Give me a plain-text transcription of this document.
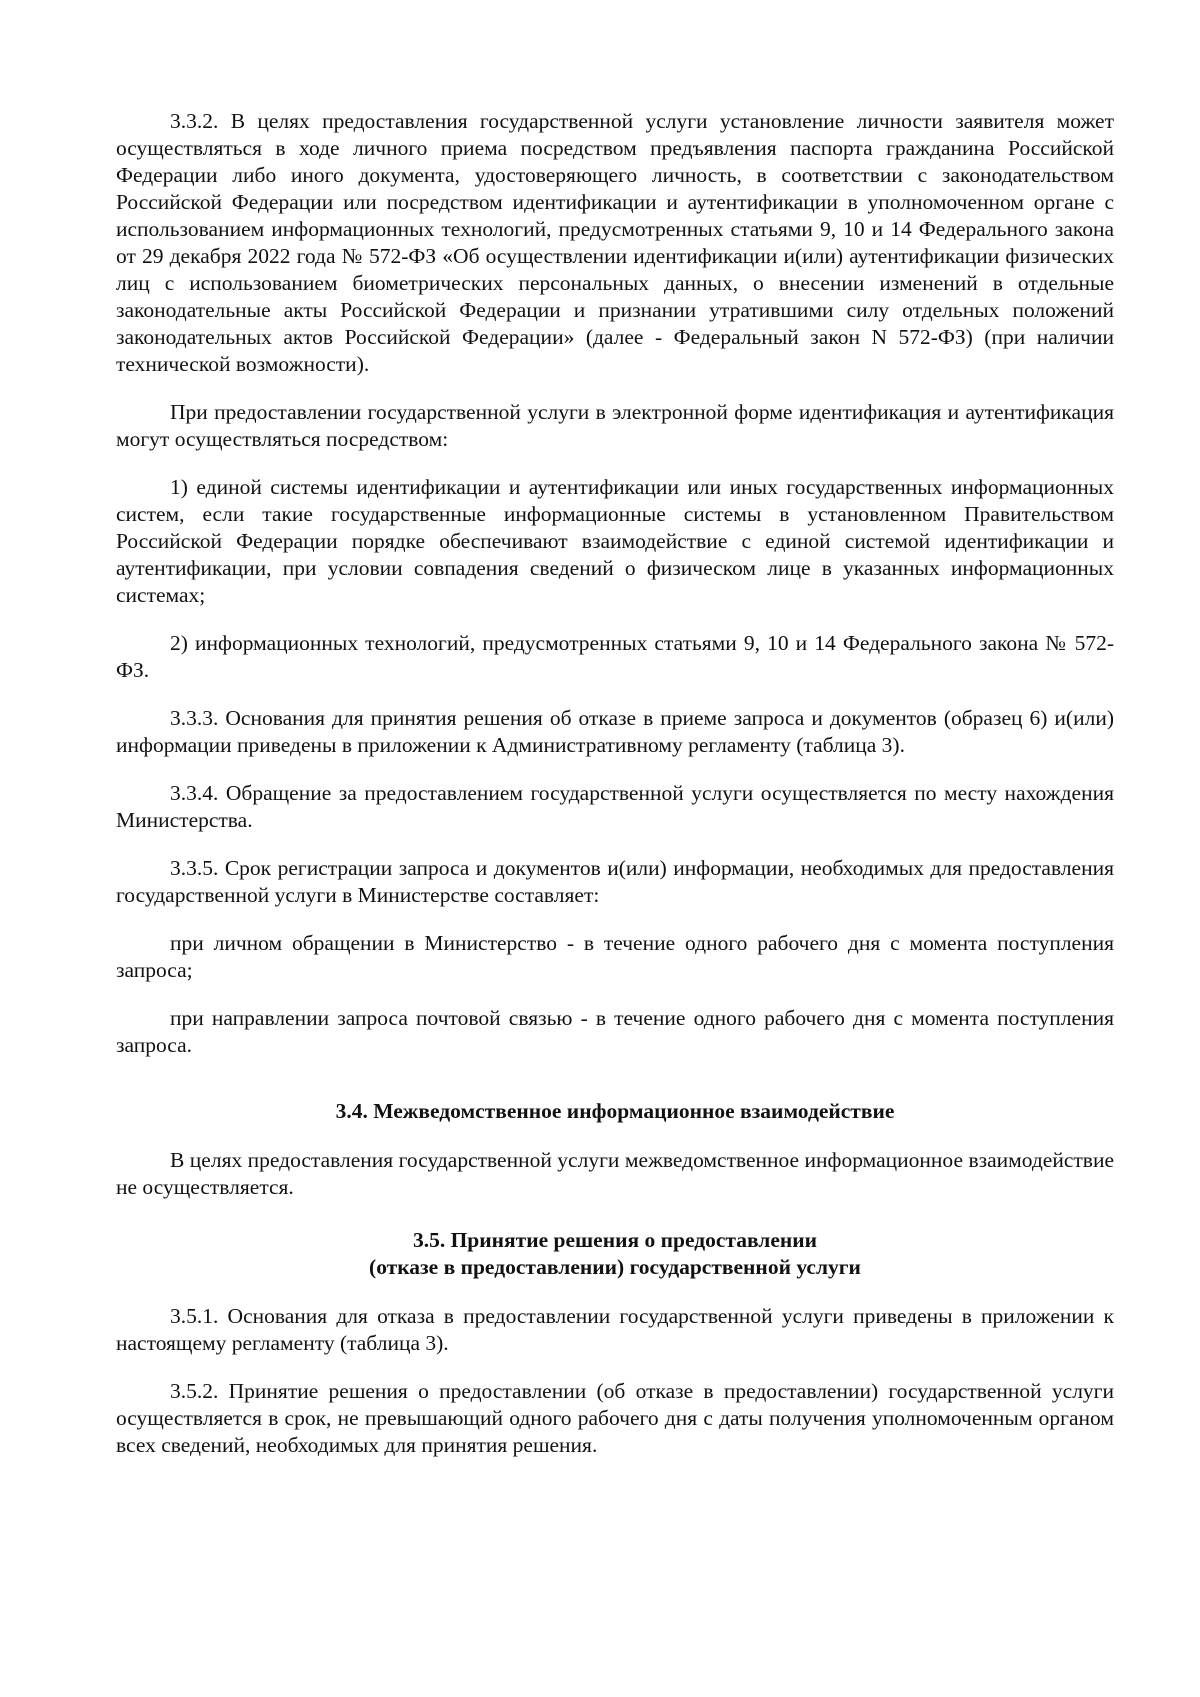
3.3.2. В целях предоставления государственной услуги установление личности заявителя может осуществляться в ходе личного приема посредством предъявления паспорта гражданина Российской Федерации либо иного документа, удостоверяющего личность, в соответствии с законодательством Российской Федерации или посредством идентификации и аутентификации в уполномоченном органе с использованием информационных технологий, предусмотренных статьями 9, 10 и 14 Федерального закона от 29 декабря 2022 года № 572-ФЗ «Об осуществлении идентификации и(или) аутентификации физических лиц с использованием биометрических персональных данных, о внесении изменений в отдельные законодательные акты Российской Федерации и признании утратившими силу отдельных положений законодательных актов Российской Федерации» (далее - Федеральный закон N 572-ФЗ) (при наличии технической возможности).

При предоставлении государственной услуги в электронной форме идентификация и аутентификация могут осуществляться посредством:

1) единой системы идентификации и аутентификации или иных государственных информационных систем, если такие государственные информационные системы в установленном Правительством Российской Федерации порядке обеспечивают взаимодействие с единой системой идентификации и аутентификации, при условии совпадения сведений о физическом лице в указанных информационных системах;

2) информационных технологий, предусмотренных статьями 9, 10 и 14 Федерального закона № 572-ФЗ.

3.3.3. Основания для принятия решения об отказе в приеме запроса и документов (образец 6) и(или) информации приведены в приложении к Административному регламенту (таблица 3).

3.3.4. Обращение за предоставлением государственной услуги осуществляется по месту нахождения Министерства.

3.3.5. Срок регистрации запроса и документов и(или) информации, необходимых для предоставления государственной услуги в Министерстве составляет:

при личном обращении в Министерство - в течение одного рабочего дня с момента поступления запроса;

при направлении запроса почтовой связью - в течение одного рабочего дня с момента поступления запроса.

3.4. Межведомственное информационное взаимодействие

В целях предоставления государственной услуги межведомственное информационное взаимодействие не осуществляется.

3.5. Принятие решения о предоставлении
(отказе в предоставлении) государственной услуги

3.5.1. Основания для отказа в предоставлении государственной услуги приведены в приложении к настоящему регламенту (таблица 3).

3.5.2. Принятие решения о предоставлении (об отказе в предоставлении) государственной услуги осуществляется в срок, не превышающий одного рабочего дня с даты получения уполномоченным органом всех сведений, необходимых для принятия решения.
